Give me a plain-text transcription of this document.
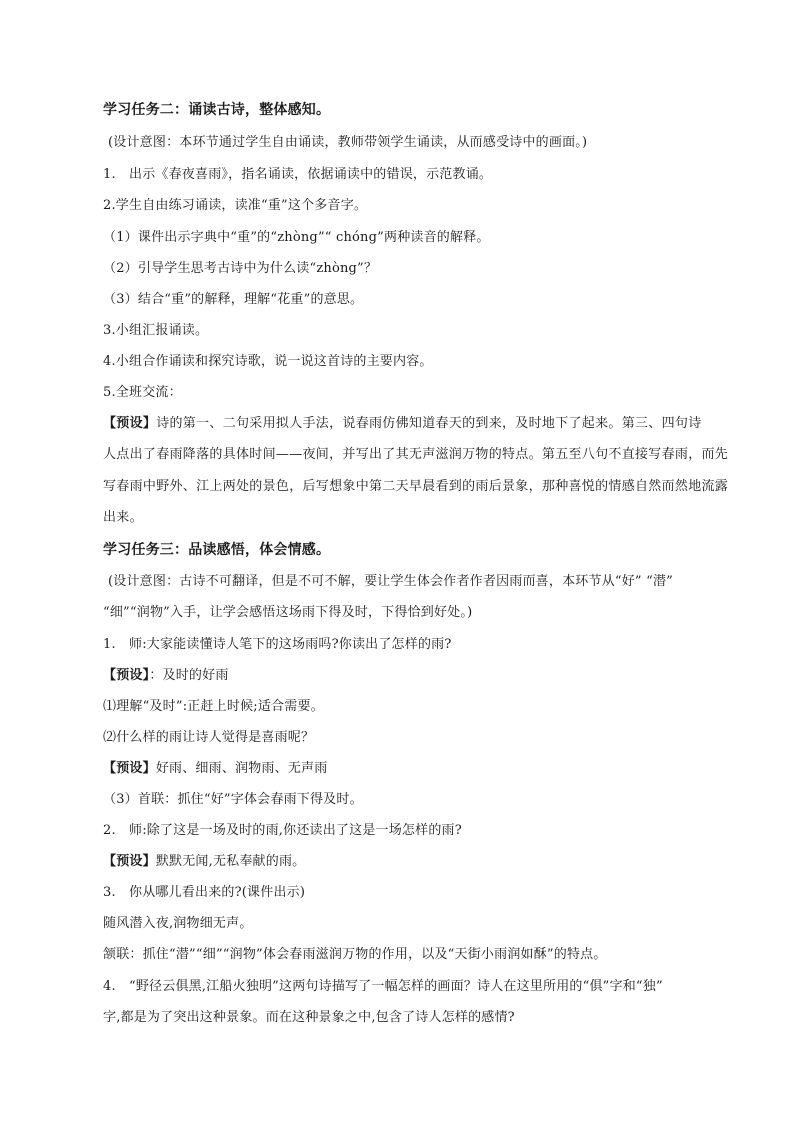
学习任务二：诵读古诗，整体感知。
(设计意图：本环节通过学生自由诵读，教师带领学生诵读，从而感受诗中的画面。)
1.　出示《春夜喜雨》，指名诵读，依据诵读中的错误，示范教诵。
2.学生自由练习诵读，读准“重”这个多音字。
（1）课件出示字典中“重”的“zhòng”“ chóng”两种读音的解释。
（2）引导学生思考古诗中为什么读“zhòng”？
（3）结合“重”的解释，理解“花重”的意思。
3.小组汇报诵读。
4.小组合作诵读和探究诗歌，说一说这首诗的主要内容。
5.全班交流：
【预设】诗的第一、二句采用拟人手法，说春雨仿佛知道春天的到来，及时地下了起来。第三、四句诗
人点出了春雨降落的具体时间——夜间，并写出了其无声滋润万物的特点。第五至八句不直接写春雨，而先
写春雨中野外、江上两处的景色，后写想象中第二天早晨看到的雨后景象，那种喜悦的情感自然而然地流露
出来。
学习任务三：品读感悟，体会情感。
(设计意图：古诗不可翻译，但是不可不解，要让学生体会作者作者因雨而喜，本环节从“好” “潜”
“细”“润物”入手，让学会感悟这场雨下得及时，下得恰到好处。)
1.　师:大家能读懂诗人笔下的这场雨吗?你读出了怎样的雨?
【预设】：及时的好雨
⑴理解“及时”:正赶上时候;适合需要。
⑵什么样的雨让诗人觉得是喜雨呢？
【预设】好雨、细雨、润物雨、无声雨
（3）首联：抓住“好”字体会春雨下得及时。
2.　师:除了这是一场及时的雨,你还读出了这是一场怎样的雨?
【预设】默默无闻,无私奉献的雨。
3.　你从哪儿看出来的?(课件出示)
随风潜入夜,润物细无声。
颔联：抓住“潜”“细”“润物”体会春雨滋润万物的作用，以及“天街小雨润如酥”的特点。
4.　“野径云俱黑,江船火独明”这两句诗描写了一幅怎样的画面？诗人在这里所用的“俱”字和“独”
字,都是为了突出这种景象。而在这种景象之中,包含了诗人怎样的感情?
